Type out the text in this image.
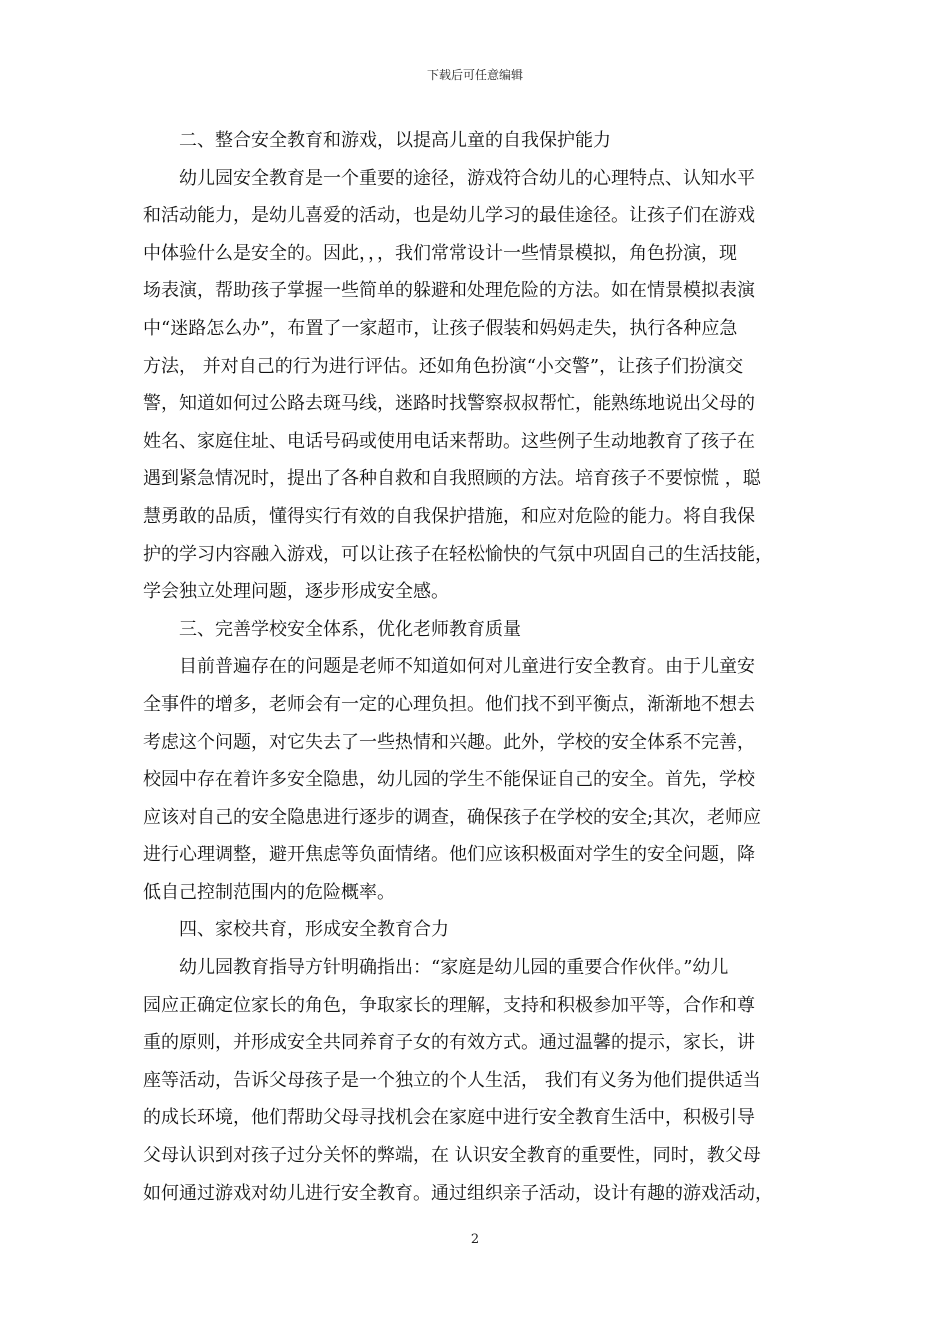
下载后可任意编辑
二、整合安全教育和游戏，以提高儿童的自我保护能力
幼儿园安全教育是一个重要的途径，游戏符合幼儿的心理特点、认知水平
和活动能力，是幼儿喜爱的活动，也是幼儿学习的最佳途径。让孩子们在游戏
中体验什么是安全的。因此，，，我们常常设计一些情景模拟，角色扮演，现
场表演，帮助孩子掌握一些简单的躲避和处理危险的方法。如在情景模拟表演
中“迷路怎么办”，布置了一家超市，让孩子假装和妈妈走失，执行各种应急
方法， 并对自己的行为进行评估。还如角色扮演“小交警”，让孩子们扮演交
警，知道如何过公路去斑马线，迷路时找警察叔叔帮忙，能熟练地说出父母的
姓名、家庭住址、电话号码或使用电话来帮助。这些例子生动地教育了孩子在
遇到紧急情况时，提出了各种自救和自我照顾的方法。培育孩子不要惊慌 ，聪
慧勇敢的品质，懂得实行有效的自我保护措施，和应对危险的能力。将自我保
护的学习内容融入游戏，可以让孩子在轻松愉快的气氛中巩固自己的生活技能，
学会独立处理问题，逐步形成安全感。
三、完善学校安全体系，优化老师教育质量
目前普遍存在的问题是老师不知道如何对儿童进行安全教育。由于儿童安
全事件的增多，老师会有一定的心理负担。他们找不到平衡点，渐渐地不想去
考虑这个问题，对它失去了一些热情和兴趣。此外，学校的安全体系不完善，
校园中存在着许多安全隐患，幼儿园的学生不能保证自己的安全。首先，学校
应该对自己的安全隐患进行逐步的调查，确保孩子在学校的安全;其次，老师应
进行心理调整，避开焦虑等负面情绪。他们应该积极面对学生的安全问题，降
低自己控制范围内的危险概率。
四、家校共育，形成安全教育合力
幼儿园教育指导方针明确指出：“家庭是幼儿园的重要合作伙伴。”幼儿
园应正确定位家长的角色，争取家长的理解，支持和积极参加平等，合作和尊
重的原则，并形成安全共同养育子女的有效方式。通过温馨的提示，家长，讲
座等活动，告诉父母孩子是一个独立的个人生活， 我们有义务为他们提供适当
的成长环境，他们帮助父母寻找机会在家庭中进行安全教育生活中，积极引导
父母认识到对孩子过分关怀的弊端，在 认识安全教育的重要性，同时，教父母
如何通过游戏对幼儿进行安全教育。通过组织亲子活动，设计有趣的游戏活动，
2
